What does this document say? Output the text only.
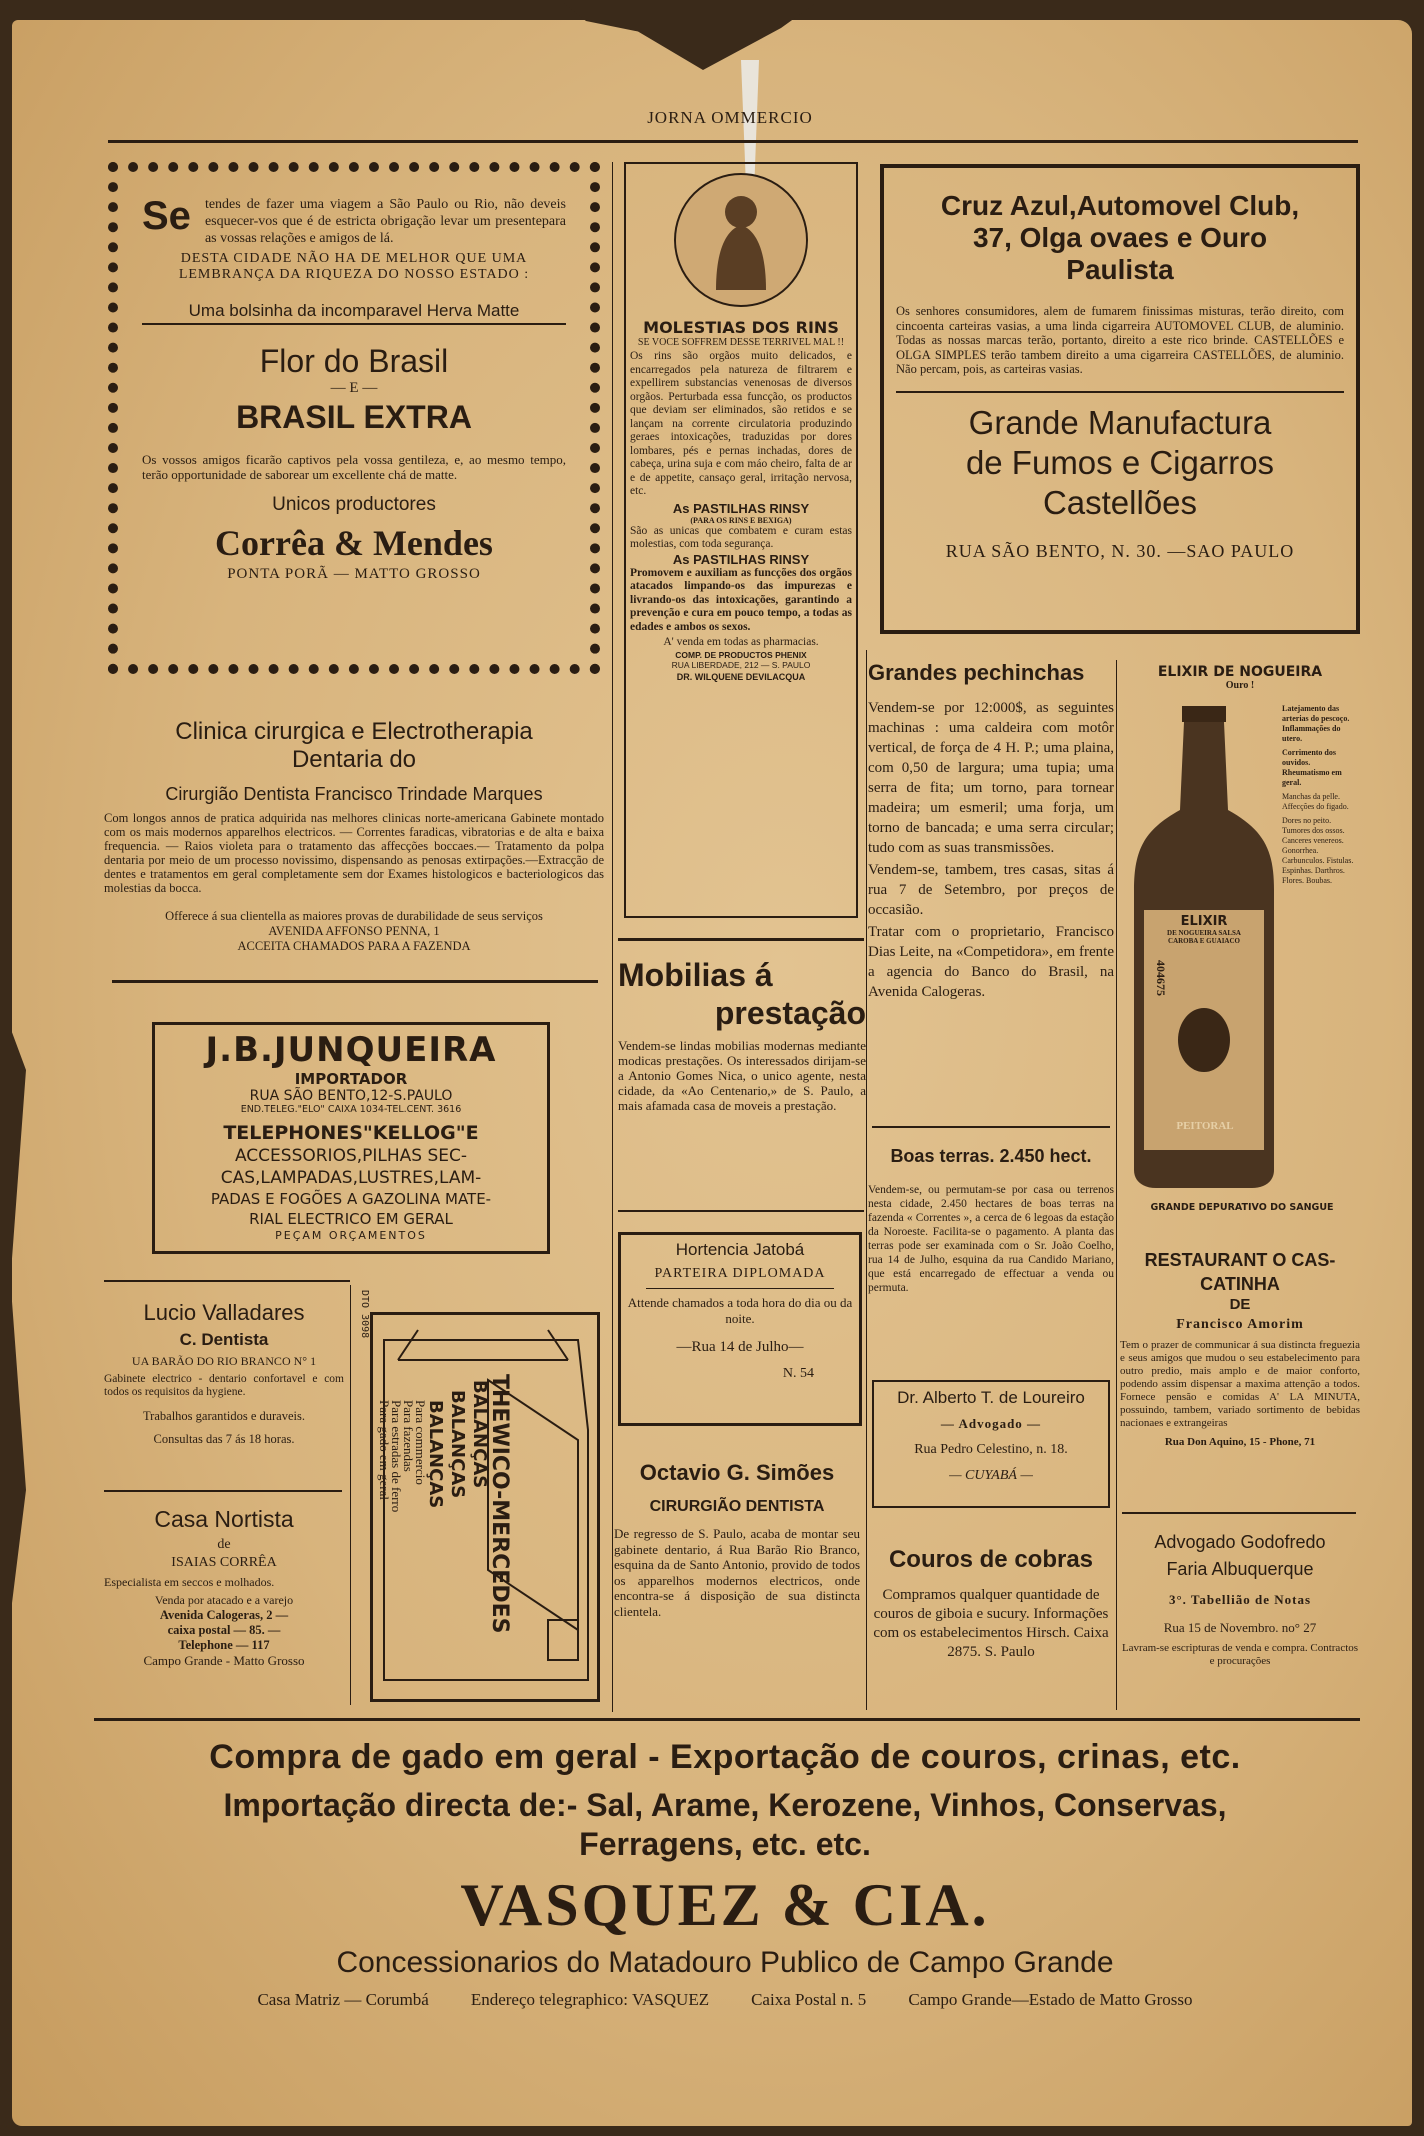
JORNA OMMERCIO
Se tendes de fazer uma viagem a São Paulo ou Rio, não deveis esquecer-vos que é de estricta obrigação levar um presentepara as vossas relações e amigos de lá.

DESTA CIDADE NÃO HA DE MELHOR QUE UMA LEMBRANÇA DA RIQUEZA DO NOSSO ESTADO :

Uma bolsinha da incomparavel Herva Matte
Flor do Brasil
— E —
BRASIL EXTRA

Os vossos amigos ficarão captivos pela vossa gentileza, e, ao mesmo tempo, terão opportunidade de saborear um excellente chá de matte.

Unicos productores
Corrêa & Mendes
PONTA PORÃ — MATTO GROSSO
Clinica cirurgica e Electrotherapia
Dentaria do
Cirurgião Dentista Francisco Trindade Marques

Com longos annos de pratica adquirida nas melhores clinicas norte-americana Gabinete montado com os mais modernos apparelhos electricos. — Correntes faradicas, vibratorias e de alta e baixa frequencia. — Raios violeta para o tratamento das affecções boccaes.— Tratamento da polpa dentaria por meio de um processo novissimo, dispensando as penosas extirpações.—Extracção de dentes e tratamentos em geral completamente sem dor Exames histologicos e bacteriologicos das molestias da bocca.

Offerece á sua clientella as maiores provas de durabilidade de seus serviços
AVENIDA AFFONSO PENNA, 1
ACCEITA CHAMADOS PARA A FAZENDA
J.B.JUNQUEIRA
IMPORTADOR
RUA SÃO BENTO,12-S.PAULO
END.TELEG."ELO" CAIXA 1034-TEL.CENT. 3616
TELEPHONES"KELLOG"E
ACCESSORIOS,PILHAS SEC-
CAS,LAMPADAS,LUSTRES,LAM-
PADAS E FOGÕES A GAZOLINA MATE-
RIAL ELECTRICO EM GERAL
PEÇAM ORÇAMENTOS
Lucio Valladares
C. Dentista
UA BARÃO DO RIO BRANCO N° 1

Gabinete electrico - dentario confortavel e com todos os requisitos da hygiene.

Trabalhos garantidos e duraveis.
Consultas das 7 ás 18 horas.
Casa Nortista
de
ISAIAS CORRÊA

Especialista em seccos e molhados.

Venda por atacado e a varejo
Avenida Calogeras, 2 —
caixa postal — 85. —
Telephone — 117
Campo Grande - Matto Grosso
DTO 3098
THEWICO-MERCEDES
BALANÇAS
BALANÇAS
BALANÇAS
Para commercio
Para fazendas
Para estradas de ferro
Para gado em geral
MOLESTIAS DOS RINS
SE VOCE SOFFREM DESSE TERRIVEL MAL !!

Os rins são orgãos muito delicados, e encarregados pela natureza de filtrarem e expellirem substancias venenosas de diversos orgãos. Perturbada essa funcção, os productos que deviam ser eliminados, são retidos e se lançam na corrente circulatoria produzindo geraes intoxicações, traduzidas por dores lombares, pés e pernas inchadas, dores de cabeça, urina suja e com máo cheiro, falta de ar e de appetite, cansaço geral, irritação nervosa, etc.

As PASTILHAS RINSY
(PARA OS RINS E BEXIGA)

São as unicas que combatem e curam estas molestias, com toda segurança.

As PASTILHAS RINSY

Promovem e auxiliam as funcções dos orgãos atacados limpando-os das impurezas e livrando-os das intoxicações, garantindo a prevenção e cura em pouco tempo, a todas as edades e ambos os sexos.

A' venda em todas as pharmacias.
COMP. DE PRODUCTOS PHENIX
RUA LIBERDADE, 212 — S. PAULO
DR. WILQUENE DEVILACQUA
Mobilias á
prestação

Vendem-se lindas mobilias modernas mediante modicas prestações. Os interessados dirijam-se a Antonio Gomes Nica, o unico agente, nesta cidade, da «Ao Centenario,» de S. Paulo, a mais afamada casa de moveis a prestação.

Hortencia Jatobá
PARTEIRA DIPLOMADA

Attende chamados a toda hora do dia ou da noite.

—Rua 14 de Julho—
N. 54
Octavio G. Simões
CIRURGIÃO DENTISTA

De regresso de S. Paulo, acaba de montar seu gabinete dentario, á Rua Barão Rio Branco, esquina da de Santo Antonio, provido de todos os apparelhos modernos electricos, onde encontra-se á disposição de sua distincta clientela.

Cruz Azul,Automovel Club,
37, Olga ovaes e Ouro
Paulista

Os senhores consumidores, alem de fumarem finissimas misturas, terão direito, com cincoenta carteiras vasias, a uma linda cigarreira AUTOMOVEL CLUB, de aluminio. Todas as nossas marcas terão, portanto, direito a este rico brinde. CASTELLÕES e OLGA SIMPLES terão tambem direito a uma cigarreira CASTELLÕES, de aluminio. Não percam, pois, as carteiras vasias.

Grande Manufactura
de Fumos e Cigarros
Castellões
RUA SÃO BENTO, N. 30. —SAO PAULO
Grandes pechinchas

Vendem-se por 12:000$, as seguintes machinas : uma caldeira com motôr vertical, de força de 4 H. P.; uma plaina, com 0,50 de largura; uma tupia; uma serra de fita; um torno, para tornear madeira; um esmeril; uma forja, um torno de bancada; e uma serra circular; tudo com as suas transmissões.

Vendem-se, tambem, tres casas, sitas á rua 7 de Setembro, por preços de occasião.

Tratar com o proprietario, Francisco Dias Leite, na «Competidora», em frente a agencia do Banco do Brasil, na Avenida Calogeras.

Boas terras. 2.450 hect.

Vendem-se, ou permutam-se por casa ou terrenos nesta cidade, 2.450 hectares de boas terras na fazenda « Correntes », a cerca de 6 legoas da estação da Noroeste. Facilita-se o pagamento. A planta das terras pode ser examinada com o Sr. João Coelho, rua 14 de Julho, esquina da rua Candido Mariano, que está encarregado de effectuar a venda ou permuta.

Dr. Alberto T. de Loureiro
— Advogado —
Rua Pedro Celestino, n. 18.
— CUYABÁ —
Couros de cobras

Compramos qualquer quantidade de couros de giboia e sucury. Informações com os estabelecimentos Hirsch. Caixa 2875. S. Paulo

ELIXIR DE NOGUEIRA
Ouro !
ELIXIR
DE NOGUEIRA SALSA
CAROBA E GUAIACO
404675
PEITORAL

Latejamento das arterias do pescoço. Inflammações do utero.

Corrimento dos ouvidos. Rheumatismo em geral.

Manchas da pelle. Affecções do figado.

Dores no peito. Tumores dos ossos. Canceres venereos. Gonorrhea. Carbunculos. Fistulas. Espinhas. Darthros. Flores. Boubas.

GRANDE DEPURATIVO DO SANGUE
RESTAURANT O CAS-
CATINHA
DE
Francisco Amorim

Tem o prazer de communicar á sua distincta freguezia e seus amigos que mudou o seu estabelecimento para outro predio, mais amplo e de maior conforto, podendo assim dispensar a maxima attenção a todos. Fornece pensão e comidas A' LA MINUTA, possuindo, tambem, variado sortimento de bebidas nacionaes e extrangeiras

Rua Don Aquino, 15 - Phone, 71
Advogado Godofredo
Faria Albuquerque
3°. Tabellião de Notas
Rua 15 de Novembro. no° 27

Lavram-se escripturas de venda e compra. Contractos e procurações

Compra de gado em geral - Exportação de couros, crinas, etc.
Importação directa de:- Sal, Arame, Kerozene, Vinhos, Conservas,
Ferragens, etc. etc.
VASQUEZ & CIA.
Concessionarios do Matadouro Publico de Campo Grande
Casa Matriz — Corumbá Endereço telegraphico: VASQUEZ Caixa Postal n. 5 Campo Grande—Estado de Matto Grosso
